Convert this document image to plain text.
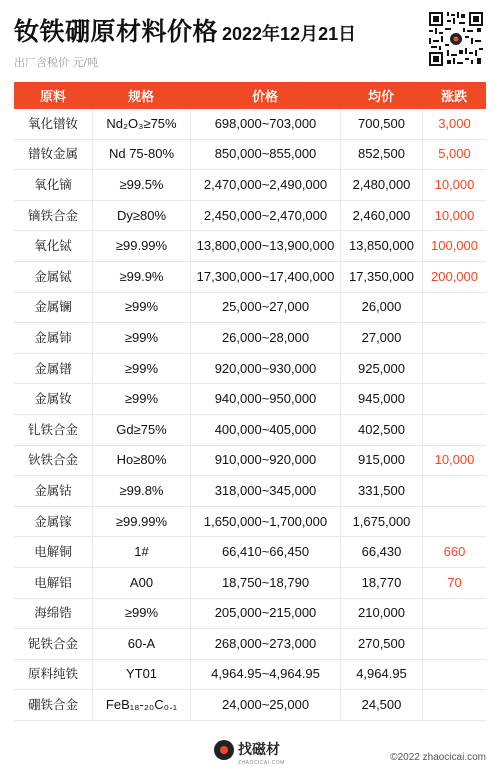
钕铁硼原材料价格 2022年12月21日
出厂含税价 元/吨
原料	规格	价格	均价	涨跌
氧化镨钕	Nd₂O₃≥75%	698,000~703,000	700,500	3,000
镨钕金属	Nd 75-80%	850,000~855,000	852,500	5,000
氧化镝	≥99.5%	2,470,000~2,490,000	2,480,000	10,000
镝铁合金	Dy≥80%	2,450,000~2,470,000	2,460,000	10,000
氧化铽	≥99.99%	13,800,000~13,900,000	13,850,000	100,000
金属铽	≥99.9%	17,300,000~17,400,000	17,350,000	200,000
金属镧	≥99%	25,000~27,000	26,000
金属铈	≥99%	26,000~28,000	27,000
金属镨	≥99%	920,000~930,000	925,000
金属钕	≥99%	940,000~950,000	945,000
钆铁合金	Gd≥75%	400,000~405,000	402,500
钬铁合金	Ho≥80%	910,000~920,000	915,000	10,000
金属钴	≥99.8%	318,000~345,000	331,500
金属镓	≥99.99%	1,650,000~1,700,000	1,675,000
电解铜	1#	66,410~66,450	66,430	660
电解铝	A00	18,750~18,790	18,770	70
海绵锆	≥99%	205,000~215,000	210,000
铌铁合金	60-A	268,000~273,000	270,500
原料纯铁	YT01	4,964.95~4,964.95	4,964.95
硼铁合金	FeB₁₈-₂₀C₀.₁	24,000~25,000	24,500
找磁材
ZHAOCICAI.COM	©2022 zhaocicai.com
